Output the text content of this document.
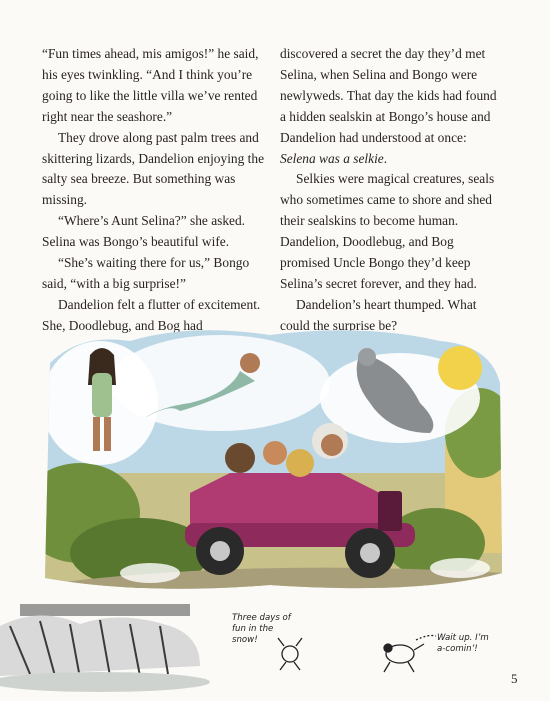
“Fun times ahead, mis amigos!” he said, his eyes twinkling. “And I think you’re going to like the little villa we’ve rented right near the seashore.”

They drove along past palm trees and skittering lizards, Dandelion enjoying the salty sea breeze. But something was missing.

“Where’s Aunt Selina?” she asked. Selina was Bongo’s beautiful wife.

“She’s waiting there for us,” Bongo said, “with a big surprise!”

Dandelion felt a flutter of excitement. She, Doodlebug, and Bog had

discovered a secret the day they’d met Selina, when Selina and Bongo were newlyweds. That day the kids had found a hidden sealskin at Bongo’s house and Dandelion had understood at once: Selena was a selkie.

Selkies were magical creatures, seals who sometimes came to shore and shed their sealskins to become human. Dandelion, Doodlebug, and Bog promised Uncle Bongo they’d keep Selina’s secret forever, and they had.

Dandelion’s heart thumped. What could the surprise be?

Three days of fun in the snow!	Wait up. I’m a-comin’!
5
